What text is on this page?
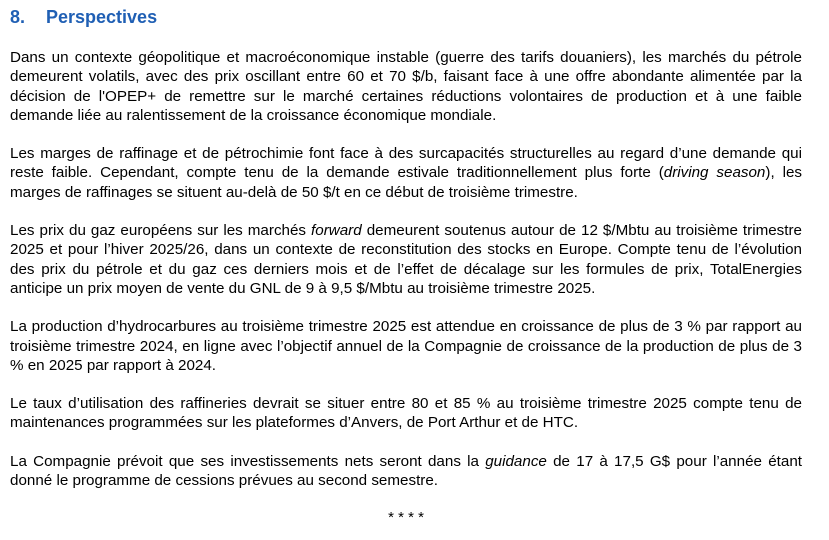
8. Perspectives
Dans un contexte géopolitique et macroéconomique instable (guerre des tarifs douaniers), les marchés du pétrole demeurent volatils, avec des prix oscillant entre 60 et 70 $/b, faisant face à une offre abondante alimentée par la décision de l'OPEP+ de remettre sur le marché certaines réductions volontaires de production et à une faible demande liée au ralentissement de la croissance économique mondiale.
Les marges de raffinage et de pétrochimie font face à des surcapacités structurelles au regard d’une demande qui reste faible. Cependant, compte tenu de la demande estivale traditionnellement plus forte (driving season), les marges de raffinages se situent au-delà de 50 $/t en ce début de troisième trimestre.
Les prix du gaz européens sur les marchés forward demeurent soutenus autour de 12 $/Mbtu au troisième trimestre 2025 et pour l’hiver 2025/26, dans un contexte de reconstitution des stocks en Europe. Compte tenu de l’évolution des prix du pétrole et du gaz ces derniers mois et de l’effet de décalage sur les formules de prix, TotalEnergies anticipe un prix moyen de vente du GNL de 9 à 9,5 $/Mbtu au troisième trimestre 2025.
La production d’hydrocarbures au troisième trimestre 2025 est attendue en croissance de plus de 3 % par rapport au troisième trimestre 2024, en ligne avec l’objectif annuel de la Compagnie de croissance de la production de plus de 3 % en 2025 par rapport à 2024.
Le taux d’utilisation des raffineries devrait se situer entre 80 et 85 % au troisième trimestre 2025 compte tenu de maintenances programmées sur les plateformes d’Anvers, de Port Arthur et de HTC.
La Compagnie prévoit que ses investissements nets seront dans la guidance de 17 à 17,5 G$ pour l’année étant donné le programme de cessions prévues au second semestre.
* * * *
